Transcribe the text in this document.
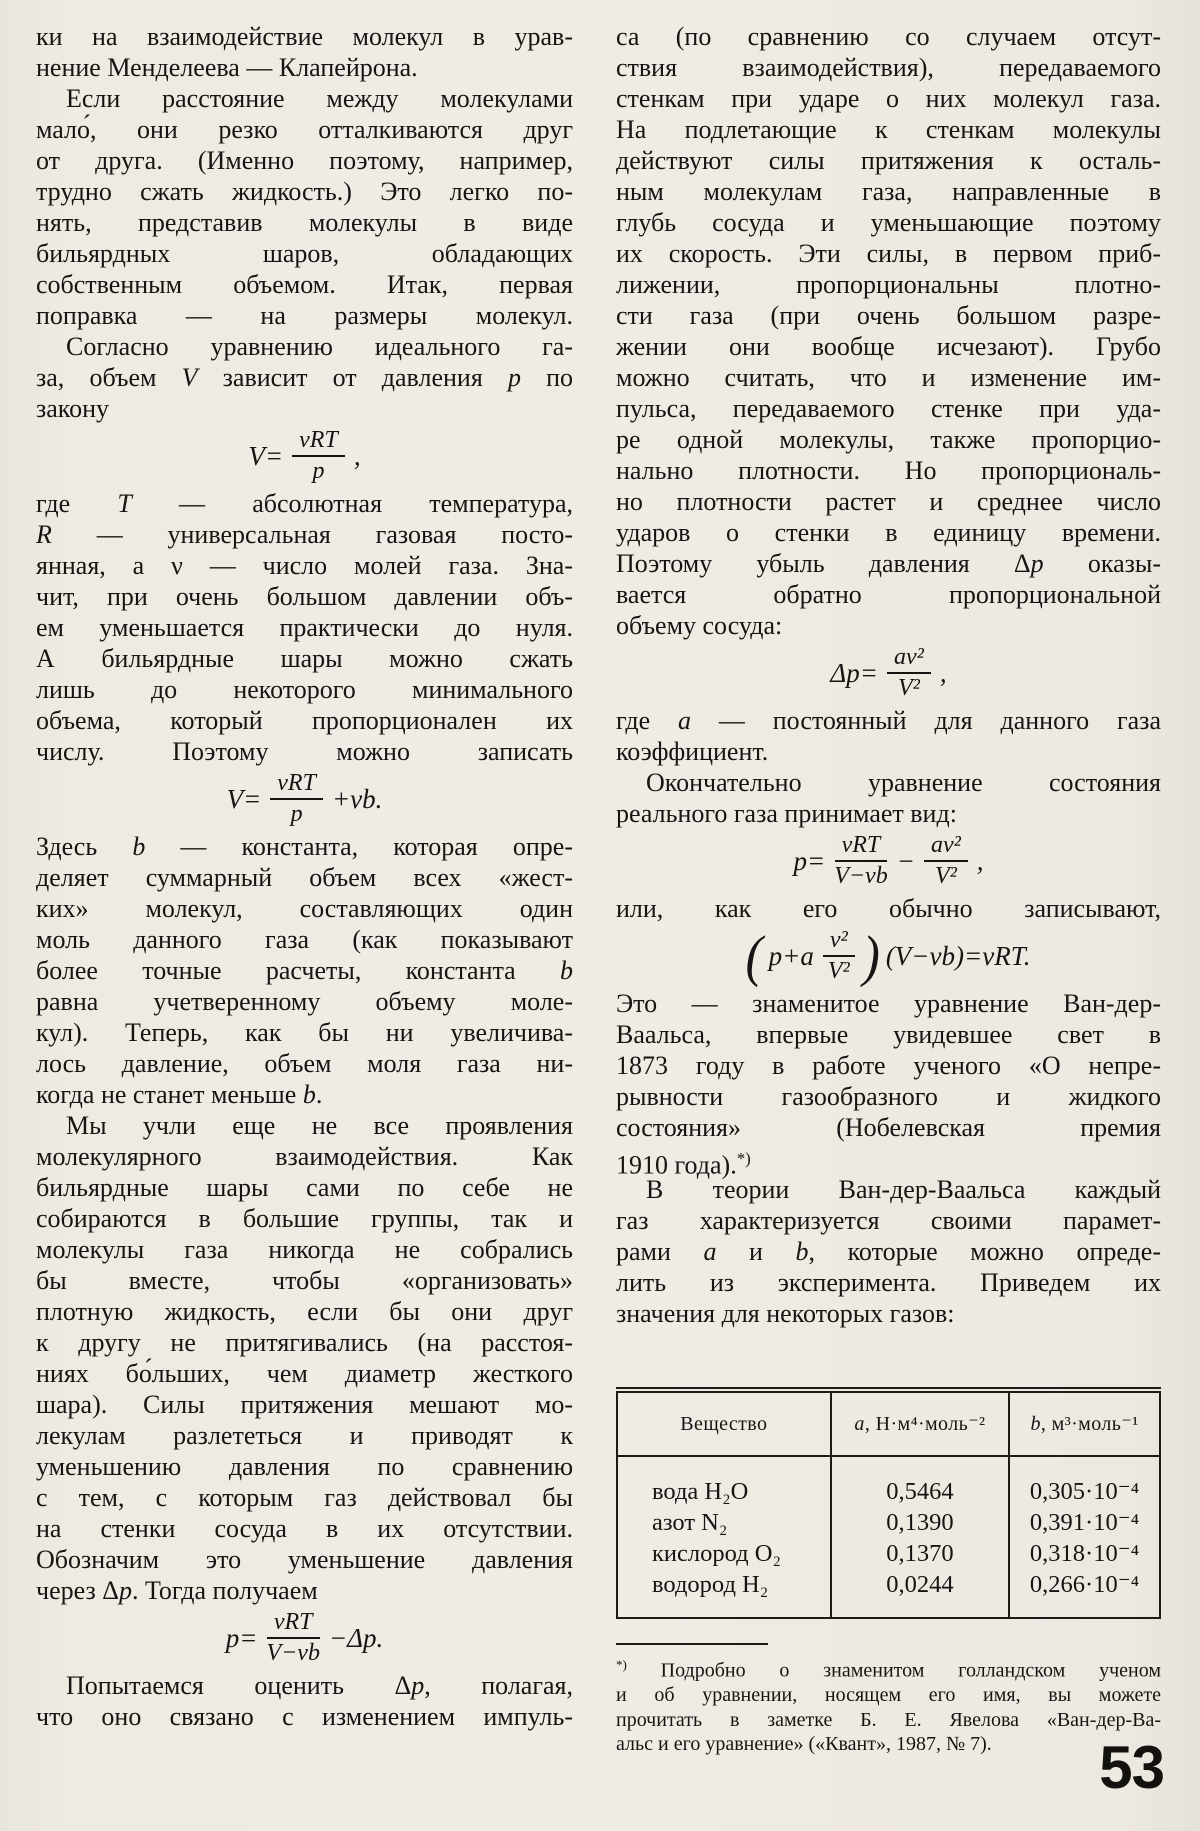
ки на взаимодействие молекул в урав-
нение Менделеева — Клапейрона.
Если расстояние между молекулами
мало́, они резко отталкиваются друг
от друга. (Именно поэтому, например,
трудно сжать жидкость.) Это легко по-
нять, представив молекулы в виде
бильярдных шаров, обладающих
собственным объемом. Итак, первая
поправка — на размеры молекул.
Согласно уравнению идеального га-
за, объем V зависит от давления p по
закону
$V= \frac{\text{νRT}}{p}$ ,
где T — абсолютная температура,
R — универсальная газовая посто-
янная, а ν — число молей газа. Зна-
чит, при очень большом давлении объ-
ем уменьшается практически до нуля.
А бильярдные шары можно сжать
лишь до некоторого минимального
объема, который пропорционален их
числу. Поэтому можно записать
$V= \frac{\text{νRT}}{p} +\nu b$.
Здесь b — константа, которая опре-
деляет суммарный объем всех «жест-
ких» молекул, составляющих один
моль данного газа (как показывают
более точные расчеты, константа b
равна учетверенному объему моле-
кул). Теперь, как бы ни увеличива-
лось давление, объем моля газа ни-
когда не станет меньше b.
Мы учли еще не все проявления
молекулярного взаимодействия. Как
бильярдные шары сами по себе не
собираются в большие группы, так и
молекулы газа никогда не собрались
бы вместе, чтобы «организовать»
плотную жидкость, если бы они друг
к другу не притягивались (на расстоя-
ниях бо́льших, чем диаметр жесткого
шара). Силы притяжения мешают мо-
лекулам разлететься и приводят к
уменьшению давления по сравнению
с тем, с которым газ действовал бы
на стенки сосуда в их отсутствии.
Обозначим это уменьшение давления
через Δp. Тогда получаем
$p= \frac{\text{νRT}}{V-\nu b} -\Delta p$.
Попытаемся оценить Δp, полагая,
что оно связано с изменением импуль-
са (по сравнению со случаем отсут-
ствия взаимодействия), передаваемого
стенкам при ударе о них молекул газа.
На подлетающие к стенкам молекулы
действуют силы притяжения к осталь-
ным молекулам газа, направленные в
глубь сосуда и уменьшающие поэтому
их скорость. Эти силы, в первом приб-
лижении, пропорциональны плотно-
сти газа (при очень большом разре-
жении они вообще исчезают). Грубо
можно считать, что и изменение им-
пульса, передаваемого стенке при уда-
ре одной молекулы, также пропорцио-
нально плотности. Но пропорциональ-
но плотности растет и среднее число
ударов о стенки в единицу времени.
Поэтому убыль давления Δp оказы-
вается обратно пропорциональной
объему сосуда:
$\Delta p= \frac{\text{aν²}}{\text{V²}}$ ,
где a — постоянный для данного газа
коэффициент.
Окончательно уравнение состояния
реального газа принимает вид:
$p= \frac{\text{νRT}}{V-\nu b} - \frac{\text{aν²}}{\text{V²}}$ ,
или, как его обычно записывают,
( $p+a \frac{\text{ν²}}{\text{V²}}$ ) (V−νb)=νRT.
Это — знаменитое уравнение Ван-дер-
Ваальса, впервые увидевшее свет в
1873 году в работе ученого «О непре-
рывности газообразного и жидкого
состояния» (Нобелевская премия
1910 года).*)
В теории Ван-дер-Ваальса каждый
газ характеризуется своими парамет-
рами a и b, которые можно опреде-
лить из эксперимента. Приведем их
значения для некоторых газов:
Вещество	a, Н·м⁴·моль⁻²	b, м³·моль⁻¹
вода H₂O	0,5464	0,305·10⁻⁴
азот N₂	0,1390	0,391·10⁻⁴
кислород O₂	0,1370	0,318·10⁻⁴
водород H₂	0,0244	0,266·10⁻⁴
*) Подробно о знаменитом голландском ученом
и об уравнении, носящем его имя, вы можете
прочитать в заметке Б. Е. Явелова «Ван-дер-Ва-
альс и его уравнение» («Квант», 1987, № 7).	53
